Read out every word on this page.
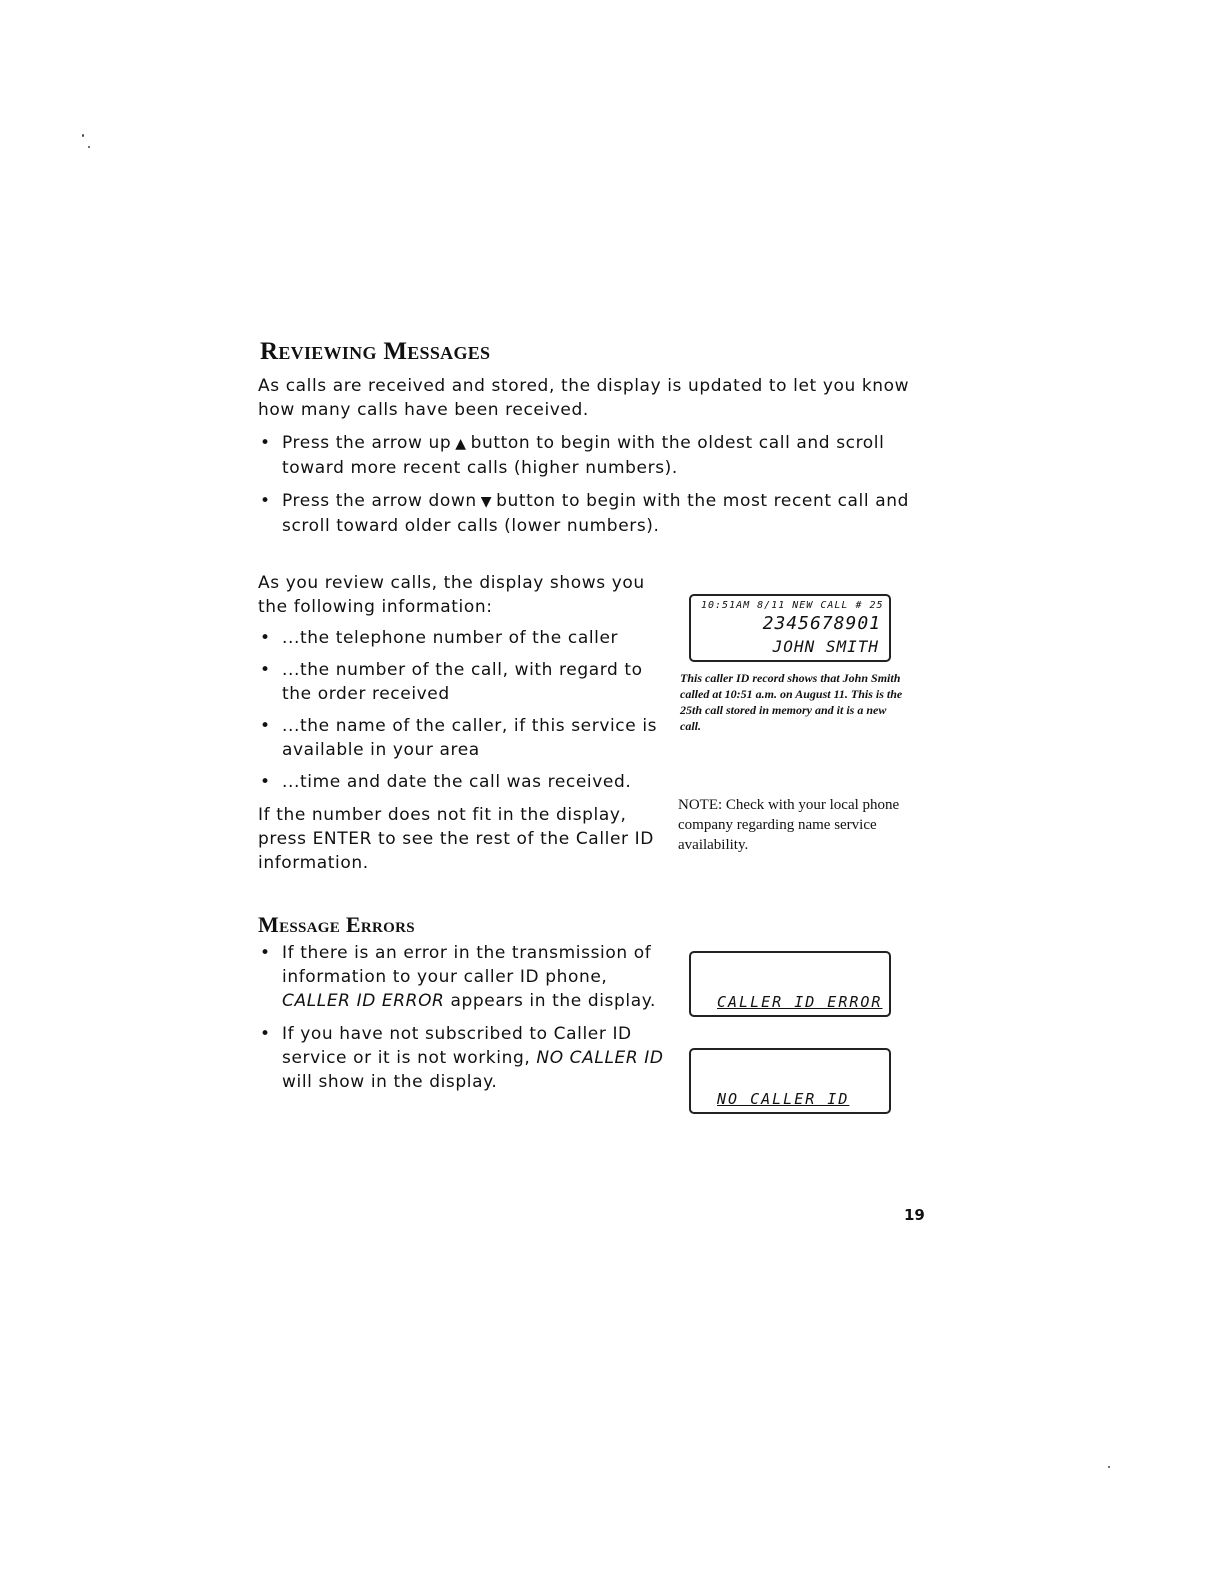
Reviewing Messages

As calls are received and stored, the display is updated to let you know how many calls have been received.

• Press the arrow up ▲ button to begin with the oldest call and scroll toward more recent calls (higher numbers).
• Press the arrow down ▼ button to begin with the most recent call and scroll toward older calls (lower numbers).

As you review calls, the display shows you the following information:

• ...the telephone number of the caller
• ...the number of the call, with regard to the order received
• ...the name of the caller, if this service is available in your area
• ...time and date the call was received.

If the number does not fit in the display, press ENTER to see the rest of the Caller ID information.

10:51AM 8/11 NEW CALL # 25
2345678901
JOHN SMITH

This caller ID record shows that John Smith called at 10:51 a.m. on August 11. This is the 25th call stored in memory and it is a new call.

NOTE: Check with your local phone company regarding name service availability.

Message Errors
• If there is an error in the transmission of information to your caller ID phone, CALLER ID ERROR appears in the display.
• If you have not subscribed to Caller ID service or it is not working, NO CALLER ID will show in the display.
CALLER ID ERROR
NO CALLER ID

19
